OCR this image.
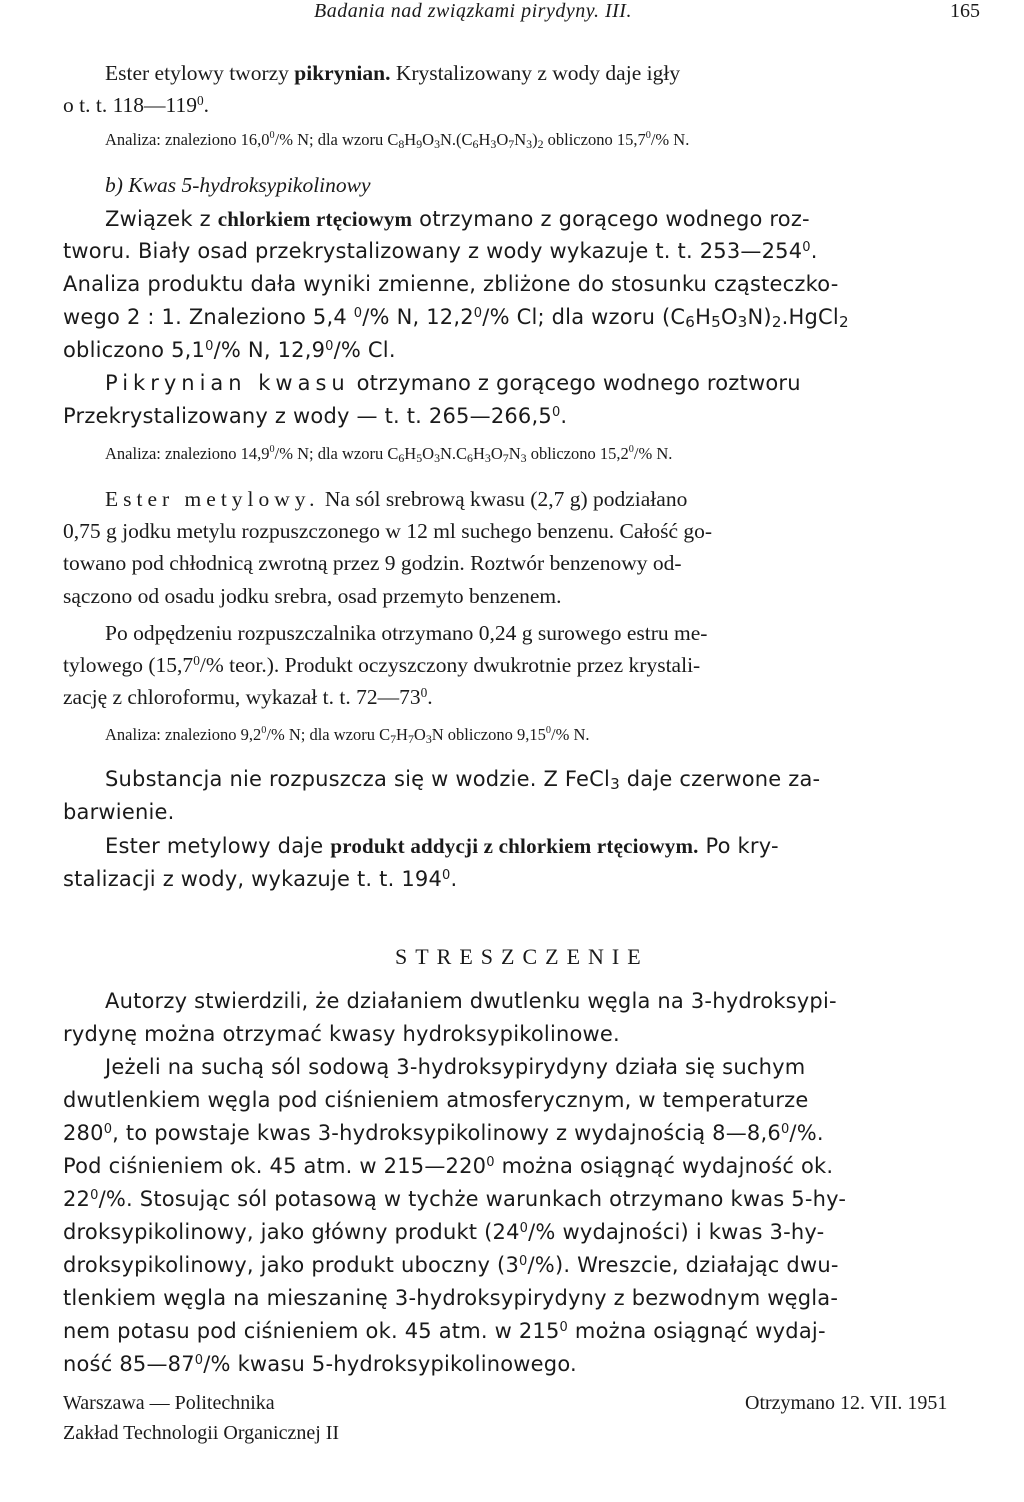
Badania nad związkami pirydyny. III.	165
Ester etylowy tworzy pikrynian. Krystalizowany z wody daje igły
o t. t. $118—119^0$.
Analiza: znaleziono 16,0$^0$/% N; dla wzoru $C_8H_9O_3N.(C_6H_3O_7N_3)_2$ obliczono 15,7$^0$/% N.
b) Kwas 5-hydroksypikolinowy
Związek z chlorkiem rtęciowym otrzymano z gorącego wodnego roz-
tworu. Biały osad przekrystalizowany z wody wykazuje t. t. $253—254^0$.
Analiza produktu dała wyniki zmienne, zbliżone do stosunku cząsteczko-
wego 2 : 1. Znaleziono 5,4 $^0$/% N, 12,2$^0$/% Cl; dla wzoru (C6H5O3N)2.HgCl2
obliczono $5,1^0/\%$ N, 12,9$^0$/% Cl.
Pikrynian kwasu otrzymano z gorącego wodnego roztworu
Przekrystalizowany z wody — t. t. 265—266,5$^0$.
Analiza: znaleziono 14,9$^0$/% N; dla wzoru $C_6H_5O_3N.C_6H_3O_7N_3$ obliczono 15,2$^0$/% N.
Ester metylowy. Na sól srebrową kwasu (2,7 g) podziałano
0,75 g jodku metylu rozpuszczonego w 12 ml suchego benzenu. Całość go-
towano pod chłodnicą zwrotną przez 9 godzin. Roztwór benzenowy od-
sączono od osadu jodku srebra, osad przemyto benzenem.
Po odpędzeniu rozpuszczalnika otrzymano 0,24 g surowego estru me-
tylowego (15,7$^0$/% teor.). Produkt oczyszczony dwukrotnie przez krystali-
zację z chloroformu, wykazał t. t. $72—73^0$.
Analiza: znaleziono $9,2^0/\%$ N; dla wzoru $C_7H_7O_3N$ obliczono 9,15$^0$/% N.
Substancja nie rozpuszcza się w wodzie. Z FeCl3 daje czerwone za-
barwienie.
Ester metylowy daje produkt addycji z chlorkiem rtęciowym. Po kry-
stalizacji z wody, wykazuje t. t. $194^0$.
STRESZCZENIE
Autorzy stwierdzili, że działaniem dwutlenku węgla na 3-hydroksypi-
rydynę można otrzymać kwasy hydroksypikolinowe.
Jeżeli na suchą sól sodową 3-hydroksypirydyny działa się suchym
dwutlenkiem węgla pod ciśnieniem atmosferycznym, w temperaturze
$280^0$, to powstaje kwas 3-hydroksypikolinowy z wydajnością $8—8,6^0/\%$.
Pod ciśnieniem ok. 45 atm. w $215—220^0$ można osiągnąć wydajność ok.
$22^0/\%$. Stosując sól potasową w tychże warunkach otrzymano kwas 5-hy-
droksypikolinowy, jako główny produkt ($24^0/\%$ wydajności) i kwas 3-hy-
droksypikolinowy, jako produkt uboczny $(3^0/\%)$. Wreszcie, działając dwu-
tlenkiem węgla na mieszaninę 3-hydroksypirydyny z bezwodnym węgla-
nem potasu pod ciśnieniem ok. 45 atm. w $215^0$ można osiągnąć wydaj-
ność $85—87^0/\%$ kwasu 5-hydroksypikolinowego.
Warszawa — Politechnika
Zakład Technologii Organicznej II
Otrzymano 12. VII. 1951
